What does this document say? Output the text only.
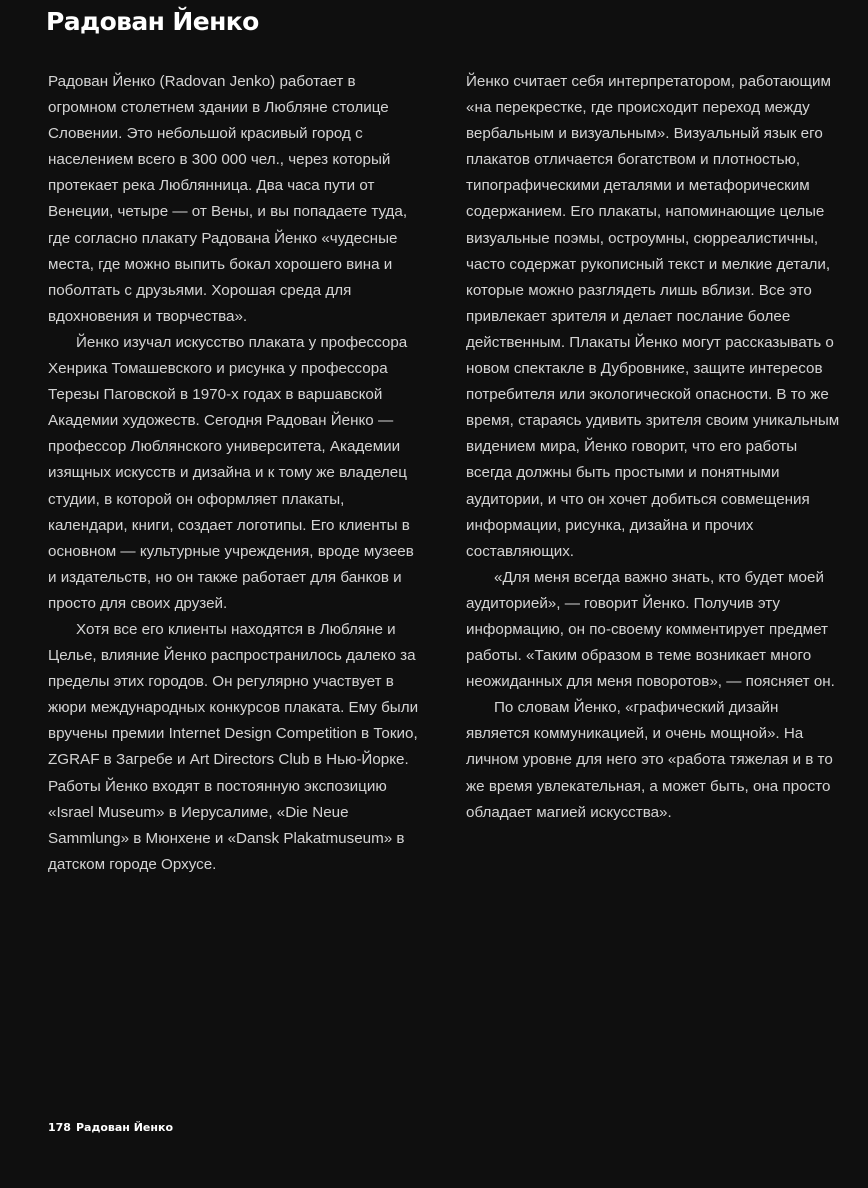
Радован Йенко

Радован Йенко (Radovan Jenko) работает в огромном столетнем здании в Любляне столице Словении. Это небольшой красивый город с населением всего в 300 000 чел., через который протекает река Люблянница. Два часа пути от Венеции, четыре — от Вены, и вы попадаете туда, где согласно плакату Радована Йенко «чудесные места, где можно выпить бокал хорошего вина и поболтать с друзьями. Хорошая среда для вдохновения и творчества».

Йенко изучал искусство плаката у профессора Хенрика Томашевского и рисунка у профессора Терезы Паговской в 1970-х годах в варшавской Академии художеств. Сегодня Радован Йенко — профессор Люблянского университета, Академии изящных искусств и дизайна и к тому же владелец студии, в которой он оформляет плакаты, календари, книги, создает логотипы. Его клиенты в основном — культурные учреждения, вроде музеев и издательств, но он также работает для банков и просто для своих друзей.

Хотя все его клиенты находятся в Любляне и Целье, влияние Йенко распространилось далеко за пределы этих городов. Он регулярно участвует в жюри международных конкурсов плаката. Ему были вручены премии Internet Design Competition в Токио, ZGRAF в Загребе и Art Directors Club в Нью-Йорке. Работы Йенко входят в постоянную экспозицию «Israel Museum» в Иерусалиме, «Die Neue Sammlung» в Мюнхене и «Dansk Plakatmuseum» в датском городе Орхусе.

Йенко считает себя интерпретатором, работающим «на перекрестке, где происходит переход между вербальным и визуальным». Визуальный язык его плакатов отличается богатством и плотностью, типографическими деталями и метафорическим содержанием. Его плакаты, напоминающие целые визуальные поэмы, остроумны, сюрреалистичны, часто содержат рукописный текст и мелкие детали, которые можно разглядеть лишь вблизи. Все это привлекает зрителя и делает послание более действенным. Плакаты Йенко могут рассказывать о новом спектакле в Дубровнике, защите интересов потребителя или экологической опасности. В то же время, стараясь удивить зрителя своим уникальным видением мира, Йенко говорит, что его работы всегда должны быть простыми и понятными аудитории, и что он хочет добиться совмещения информации, рисунка, дизайна и прочих составляющих.

«Для меня всегда важно знать, кто будет моей аудиторией», — говорит Йенко. Получив эту информацию, он по-своему комментирует предмет работы. «Таким образом в теме возникает много неожиданных для меня поворотов», — поясняет он.

По словам Йенко, «графический дизайн является коммуникацией, и очень мощной». На личном уровне для него это «работа тяжелая и в то же время увлекательная, а может быть, она просто обладает магией искусства».

178 Радован Йенко
